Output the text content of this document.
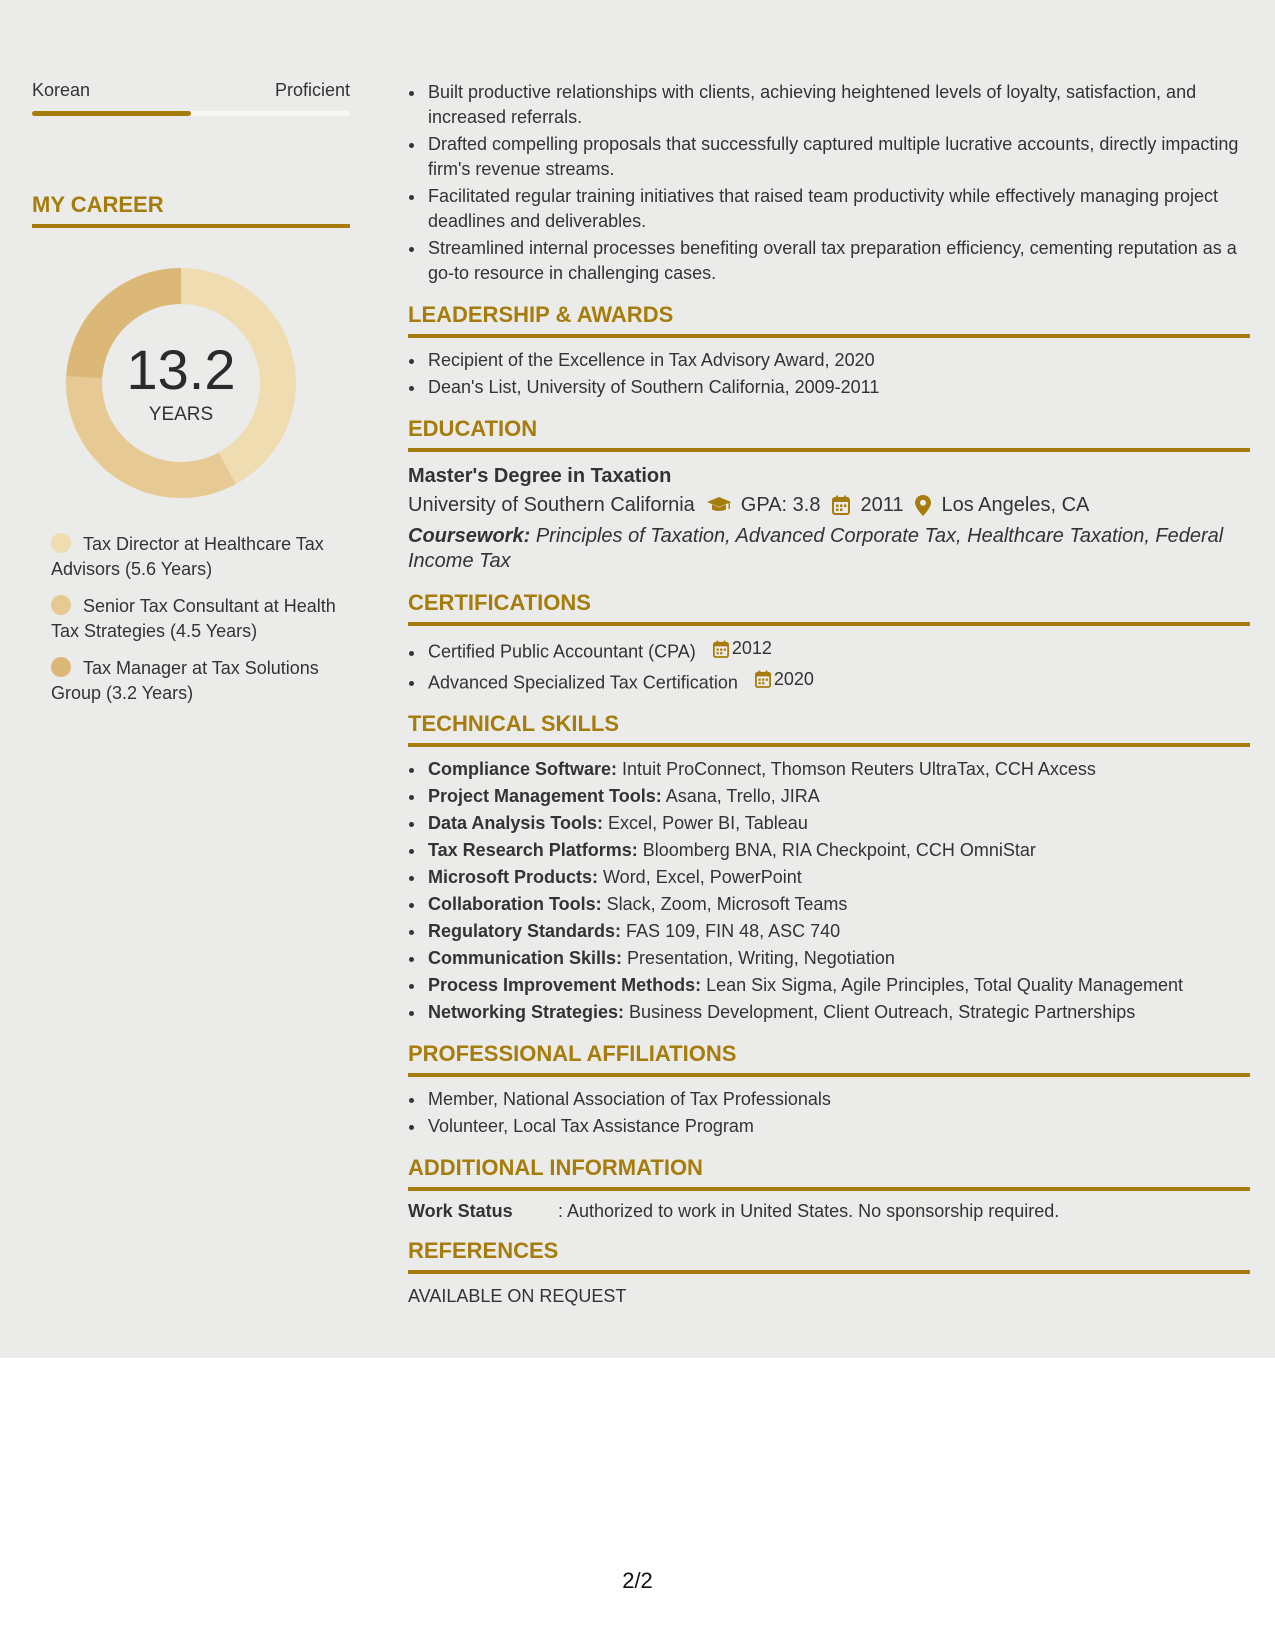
Korean	Proficient
MY CAREER
13.2
YEARS
Tax Director at Healthcare Tax Advisors (5.6 Years)
Senior Tax Consultant at Health Tax Strategies (4.5 Years)
Tax Manager at Tax Solutions Group (3.2 Years)
• Built productive relationships with clients, achieving heightened levels of loyalty, satisfaction, and increased referrals.
• Drafted compelling proposals that successfully captured multiple lucrative accounts, directly impacting firm's revenue streams.
• Facilitated regular training initiatives that raised team productivity while effectively managing project deadlines and deliverables.
• Streamlined internal processes benefiting overall tax preparation efficiency, cementing reputation as a go-to resource in challenging cases.
LEADERSHIP & AWARDS
• Recipient of the Excellence in Tax Advisory Award, 2020
• Dean's List, University of Southern California, 2009-2011
EDUCATION
Master's Degree in Taxation
University of Southern California GPA: 3.8 2011 Los Angeles, CA
Coursework: Principles of Taxation, Advanced Corporate Tax, Healthcare Taxation, Federal Income Tax
CERTIFICATIONS
• Certified Public Accountant (CPA) 2012
• Advanced Specialized Tax Certification 2020
TECHNICAL SKILLS
• Compliance Software: Intuit ProConnect, Thomson Reuters UltraTax, CCH Axcess
• Project Management Tools: Asana, Trello, JIRA
• Data Analysis Tools: Excel, Power BI, Tableau
• Tax Research Platforms: Bloomberg BNA, RIA Checkpoint, CCH OmniStar
• Microsoft Products: Word, Excel, PowerPoint
• Collaboration Tools: Slack, Zoom, Microsoft Teams
• Regulatory Standards: FAS 109, FIN 48, ASC 740
• Communication Skills: Presentation, Writing, Negotiation
• Process Improvement Methods: Lean Six Sigma, Agile Principles, Total Quality Management
• Networking Strategies: Business Development, Client Outreach, Strategic Partnerships
PROFESSIONAL AFFILIATIONS
• Member, National Association of Tax Professionals
• Volunteer, Local Tax Assistance Program
ADDITIONAL INFORMATION
Work Status	: Authorized to work in United States. No sponsorship required.
REFERENCES
AVAILABLE ON REQUEST
2/2
